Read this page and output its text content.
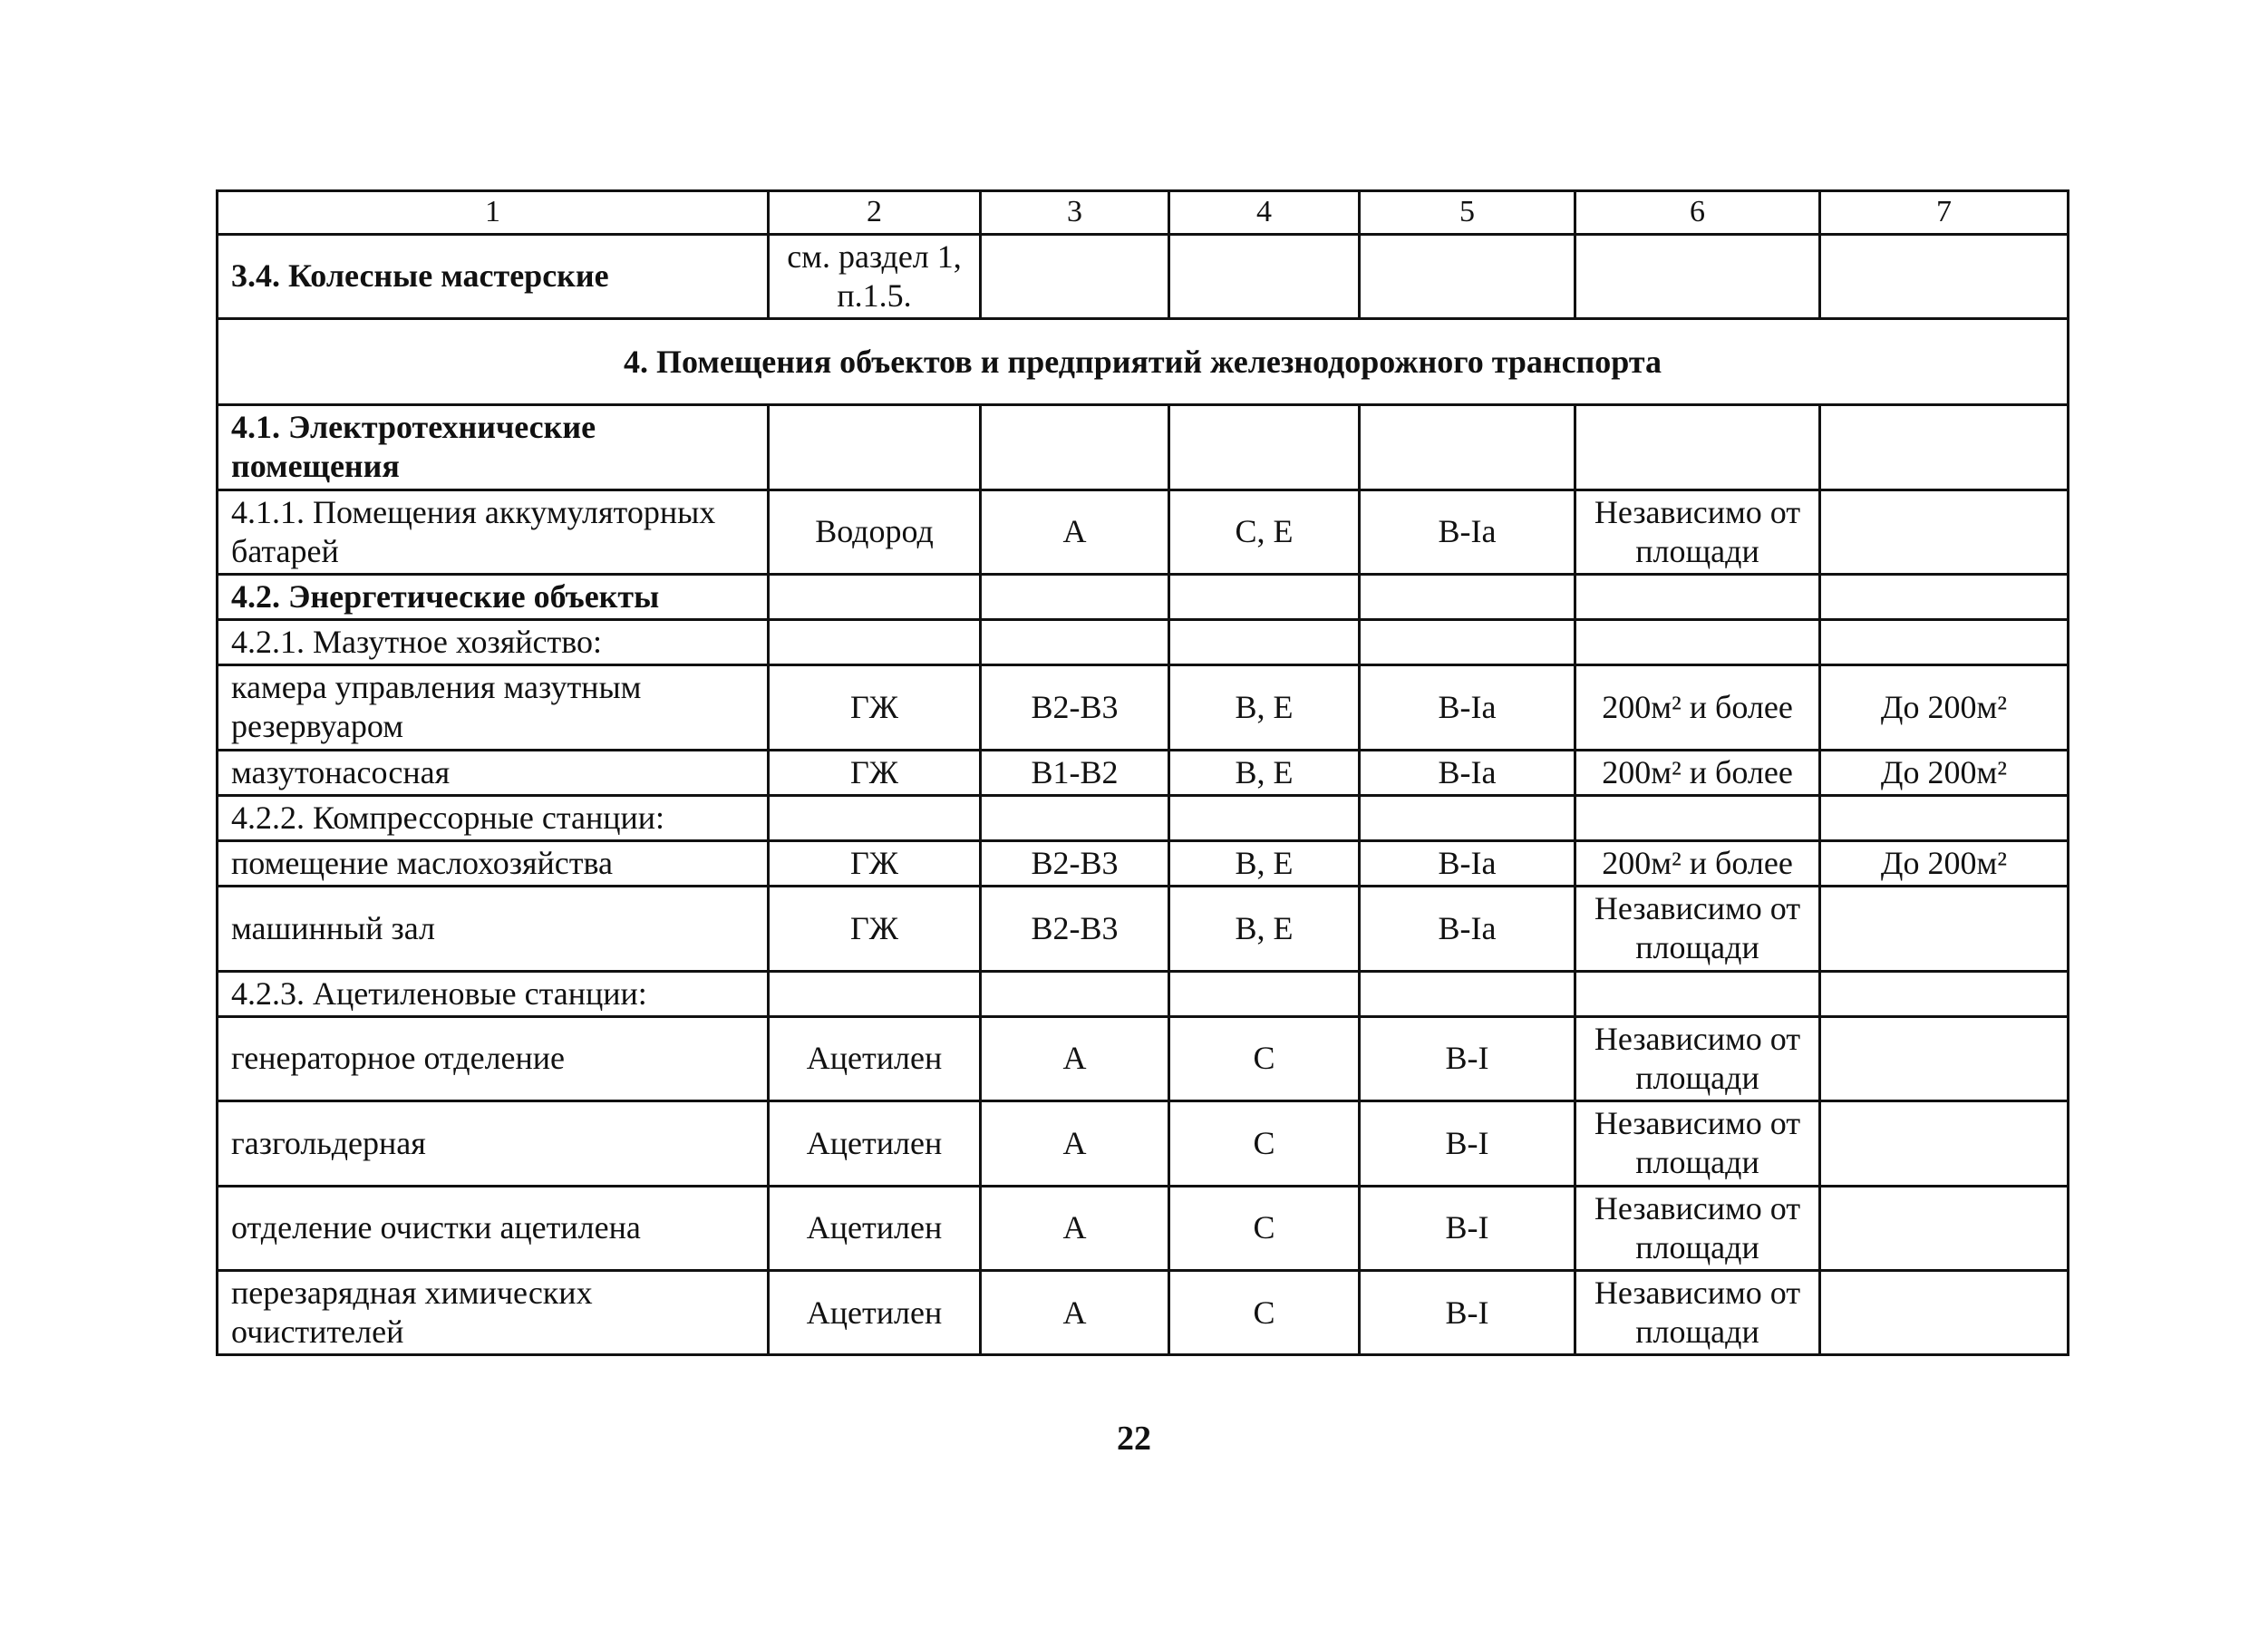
1	2	3	4	5	6	7
3.4. Колесные мастерские	см. раздел 1, п.1.5.					
4. Помещения объектов и предприятий железнодорожного транспорта						
4.1. Электротехнические помещения						
4.1.1. Помещения аккумуляторных батарей	Водород	А	С, Е	В-Iа	Независимо от площади	
4.2. Энергетические объекты						
4.2.1. Мазутное хозяйство:						
камера управления мазутным резервуаром	ГЖ	В2-В3	В, Е	В-Iа	200м² и более	До 200м²
мазутонасосная	ГЖ	В1-В2	В, Е	В-Iа	200м² и более	До 200м²
4.2.2. Компрессорные станции:						
помещение маслохозяйства	ГЖ	В2-В3	В, Е	В-Iа	200м² и более	До 200м²
машинный зал	ГЖ	В2-В3	В, Е	В-Iа	Независимо от площади	
4.2.3. Ацетиленовые станции:						
генераторное отделение	Ацетилен	А	С	В-I	Независимо от площади	
газгольдерная	Ацетилен	А	С	В-I	Независимо от площади	
отделение очистки ацетилена	Ацетилен	А	С	В-I	Независимо от площади	
перезарядная химических очистителей	Ацетилен	А	С	В-I	Независимо от площади	
22
